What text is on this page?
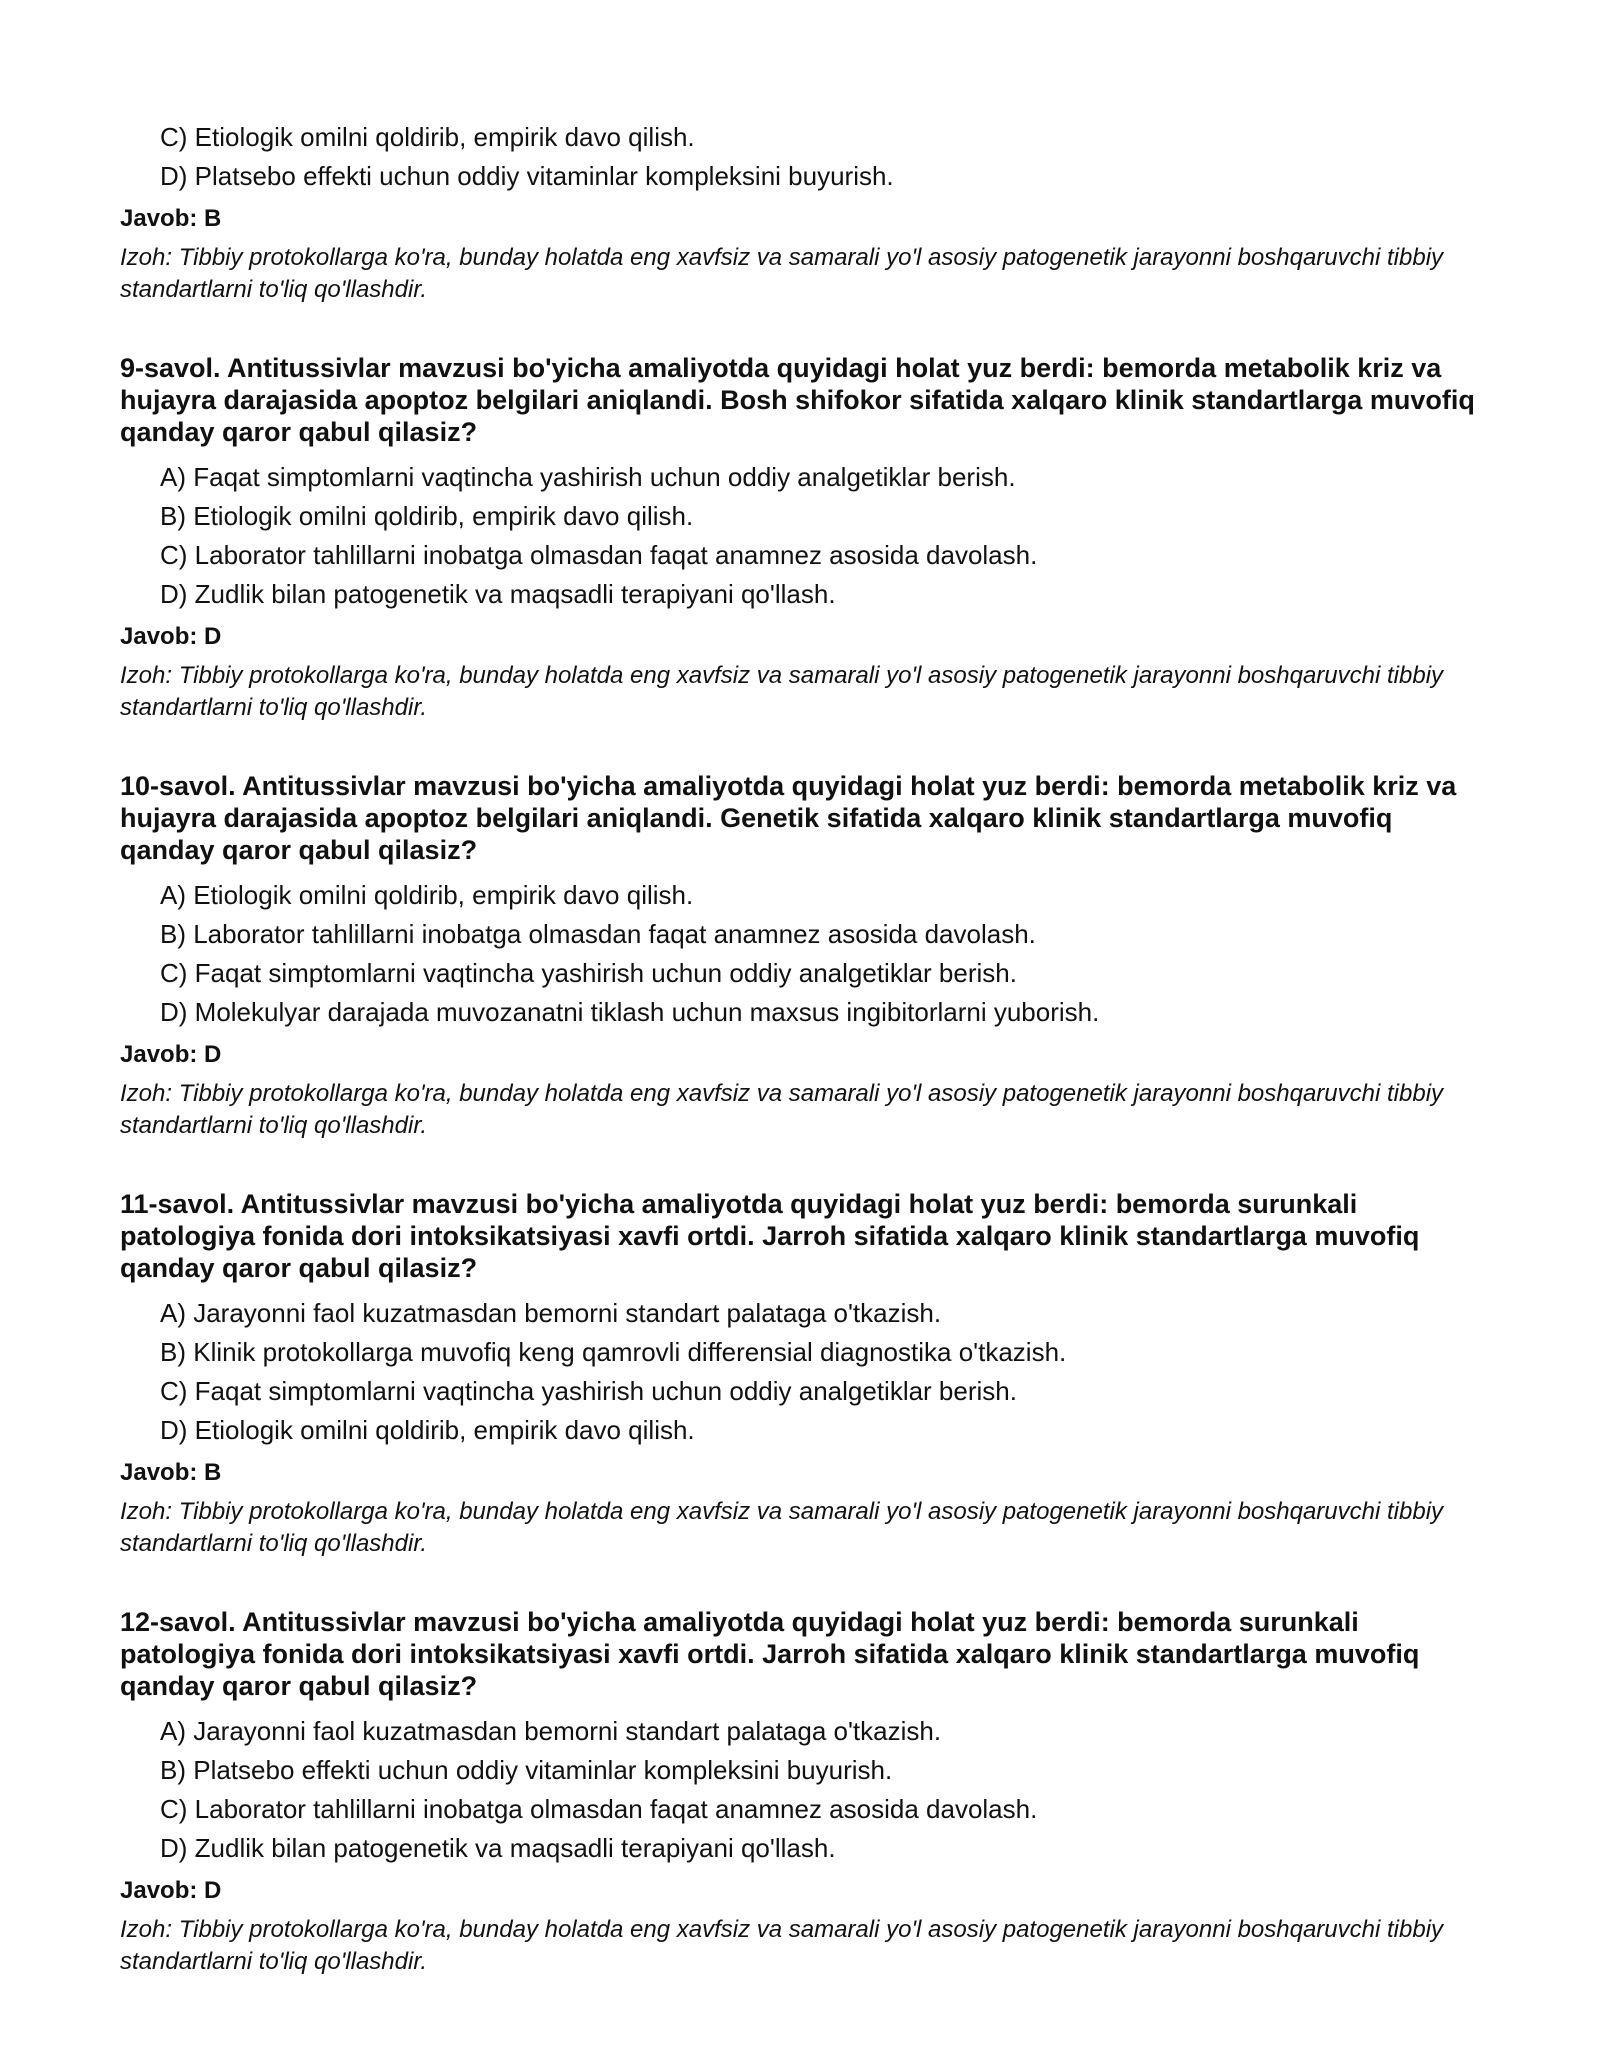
C) Etiologik omilni qoldirib, empirik davo qilish.
D) Platsebo effekti uchun oddiy vitaminlar kompleksini buyurish.
Javob: B
Izoh: Tibbiy protokollarga ko'ra, bunday holatda eng xavfsiz va samarali yo'l asosiy patogenetik jarayonni boshqaruvchi tibbiy standartlarni to'liq qo'llashdir.
9-savol. Antitussivlar mavzusi bo'yicha amaliyotda quyidagi holat yuz berdi: bemorda metabolik kriz va hujayra darajasida apoptoz belgilari aniqlandi. Bosh shifokor sifatida xalqaro klinik standartlarga muvofiq qanday qaror qabul qilasiz?
A) Faqat simptomlarni vaqtincha yashirish uchun oddiy analgetiklar berish.
B) Etiologik omilni qoldirib, empirik davo qilish.
C) Laborator tahlillarni inobatga olmasdan faqat anamnez asosida davolash.
D) Zudlik bilan patogenetik va maqsadli terapiyani qo'llash.
Javob: D
Izoh: Tibbiy protokollarga ko'ra, bunday holatda eng xavfsiz va samarali yo'l asosiy patogenetik jarayonni boshqaruvchi tibbiy standartlarni to'liq qo'llashdir.
10-savol. Antitussivlar mavzusi bo'yicha amaliyotda quyidagi holat yuz berdi: bemorda metabolik kriz va hujayra darajasida apoptoz belgilari aniqlandi. Genetik sifatida xalqaro klinik standartlarga muvofiq qanday qaror qabul qilasiz?
A) Etiologik omilni qoldirib, empirik davo qilish.
B) Laborator tahlillarni inobatga olmasdan faqat anamnez asosida davolash.
C) Faqat simptomlarni vaqtincha yashirish uchun oddiy analgetiklar berish.
D) Molekulyar darajada muvozanatni tiklash uchun maxsus ingibitorlarni yuborish.
Javob: D
Izoh: Tibbiy protokollarga ko'ra, bunday holatda eng xavfsiz va samarali yo'l asosiy patogenetik jarayonni boshqaruvchi tibbiy standartlarni to'liq qo'llashdir.
11-savol. Antitussivlar mavzusi bo'yicha amaliyotda quyidagi holat yuz berdi: bemorda surunkali patologiya fonida dori intoksikatsiyasi xavfi ortdi. Jarroh sifatida xalqaro klinik standartlarga muvofiq qanday qaror qabul qilasiz?
A) Jarayonni faol kuzatmasdan bemorni standart palataga o'tkazish.
B) Klinik protokollarga muvofiq keng qamrovli differensial diagnostika o'tkazish.
C) Faqat simptomlarni vaqtincha yashirish uchun oddiy analgetiklar berish.
D) Etiologik omilni qoldirib, empirik davo qilish.
Javob: B
Izoh: Tibbiy protokollarga ko'ra, bunday holatda eng xavfsiz va samarali yo'l asosiy patogenetik jarayonni boshqaruvchi tibbiy standartlarni to'liq qo'llashdir.
12-savol. Antitussivlar mavzusi bo'yicha amaliyotda quyidagi holat yuz berdi: bemorda surunkali patologiya fonida dori intoksikatsiyasi xavfi ortdi. Jarroh sifatida xalqaro klinik standartlarga muvofiq qanday qaror qabul qilasiz?
A) Jarayonni faol kuzatmasdan bemorni standart palataga o'tkazish.
B) Platsebo effekti uchun oddiy vitaminlar kompleksini buyurish.
C) Laborator tahlillarni inobatga olmasdan faqat anamnez asosida davolash.
D) Zudlik bilan patogenetik va maqsadli terapiyani qo'llash.
Javob: D
Izoh: Tibbiy protokollarga ko'ra, bunday holatda eng xavfsiz va samarali yo'l asosiy patogenetik jarayonni boshqaruvchi tibbiy standartlarni to'liq qo'llashdir.
